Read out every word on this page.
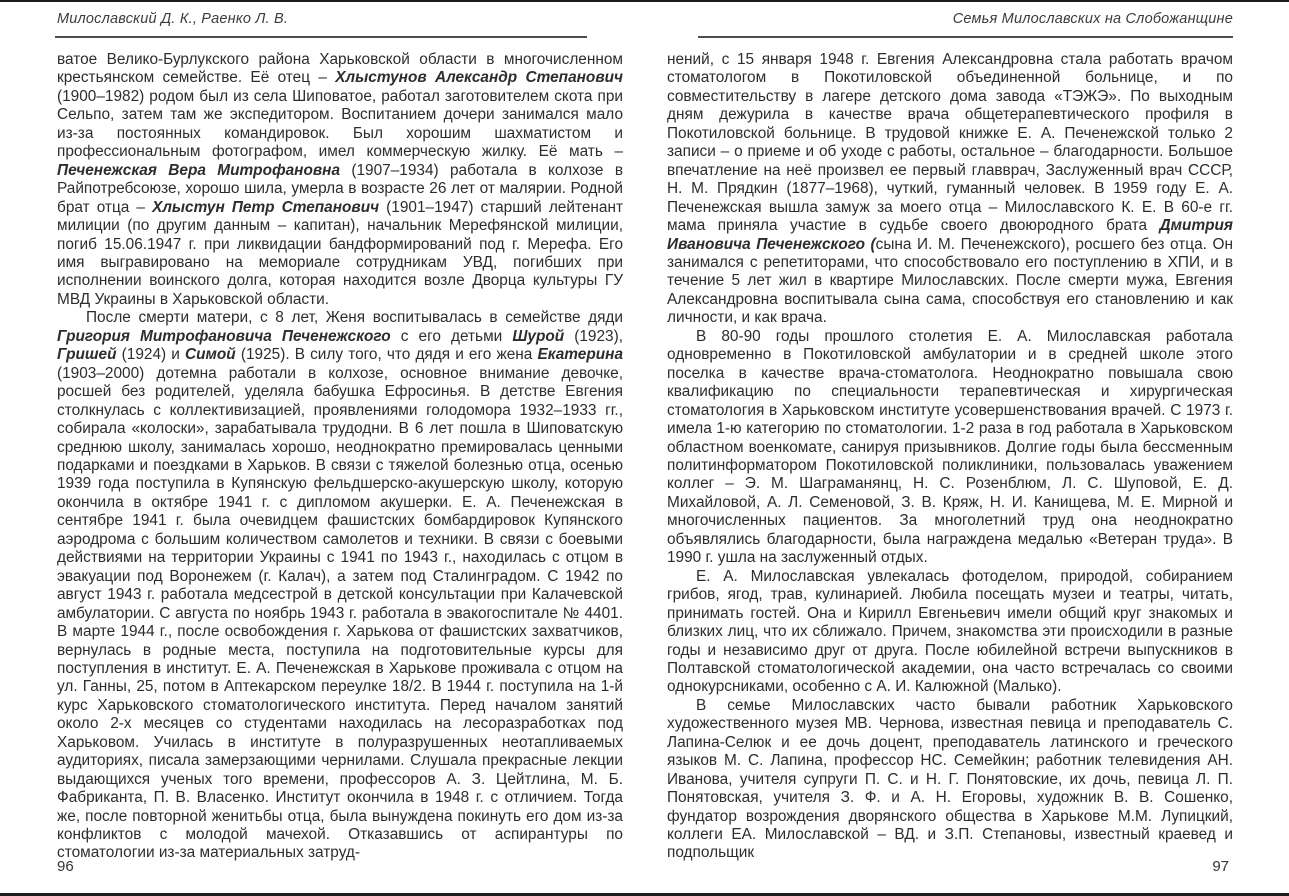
Милославский Д. К., Раенко Л. В.	Семья Милославских на Слобожанщине

ватое Велико-Бурлукского района Харьковской области в многочисленном крестьянском семействе. Её отец – Хлыстунов Александр Степанович (1900–1982) родом был из села Шиповатое, работал заготовителем скота при Сельпо, затем там же экспедитором. Воспитанием дочери занимался мало из-за постоянных командировок. Был хорошим шахматистом и профессиональным фотографом, имел коммерческую жилку. Её мать – Печенежская Вера Митрофановна (1907–1934) работала в колхозе в Райпотребсоюзе, хорошо шила, умерла в возрасте 26 лет от малярии. Родной брат отца – Хлыстун Петр Степанович (1901–1947) старший лейтенант милиции (по другим данным – капитан), начальник Мерефянской милиции, погиб 15.06.1947 г. при ликвидации бандформирований под г. Мерефа. Его имя выгравировано на мемориале сотрудникам УВД, погибших при исполнении воинского долга, которая находится возле Дворца культуры ГУ МВД Украины в Харьковской области.

После смерти матери, с 8 лет, Женя воспитывалась в семействе дяди Григория Митрофановича Печенежского с его детьми Шурой (1923), Гришей (1924) и Симой (1925). В силу того, что дядя и его жена Екатерина (1903–2000) дотемна работали в колхозе, основное внимание девочке, росшей без родителей, уделяла бабушка Ефросинья. В детстве Евгения столкнулась с коллективизацией, проявлениями голодомора 1932–1933 гг., собирала «колоски», зарабатывала трудодни. В 6 лет пошла в Шиповатскую среднюю школу, занималась хорошо, неоднократно премировалась ценными подарками и поездками в Харьков. В связи с тяжелой болезнью отца, осенью 1939 года поступила в Купянскую фельдшерско-акушерскую школу, которую окончила в октябре 1941 г. с дипломом акушерки. Е. А. Печенежская в сентябре 1941 г. была очевидцем фашистских бомбардировок Купянского аэродрома с большим количеством самолетов и техники. В связи с боевыми действиями на территории Украины с 1941 по 1943 г., находилась с отцом в эвакуации под Воронежем (г. Калач), а затем под Сталинградом. С 1942 по август 1943 г. работала медсестрой в детской консультации при Калачевской амбулатории. С августа по ноябрь 1943 г. работала в эвакогоспитале № 4401. В марте 1944 г., после освобождения г. Харькова от фашистских захватчиков, вернулась в родные места, поступила на подготовительные курсы для поступления в институт. Е. А. Печенежская в Харькове проживала с отцом на ул. Ганны, 25, потом в Аптекарском переулке 18/2. В 1944 г. поступила на 1-й курс Харьковского стоматологического института. Перед началом занятий около 2-х месяцев со студентами находилась на лесоразработках под Харьковом. Училась в институте в полуразрушенных неотапливаемых аудиториях, писала замерзающими чернилами. Слушала прекрасные лекции выдающихся ученых того времени, профессоров А. З. Цейтлина, М. Б. Фабриканта, П. В. Власенко. Институт окончила в 1948 г. с отличием. Тогда же, после повторной женитьбы отца, была вынуждена покинуть его дом из-за конфликтов с молодой мачехой. Отказавшись от аспирантуры по стоматологии из-за материальных затруд-

нений, с 15 января 1948 г. Евгения Александровна стала работать врачом стоматологом в Покотиловской объединенной больнице, и по совместительству в лагере детского дома завода «ТЭЖЭ». По выходным дням дежурила в качестве врача общетерапевтического профиля в Покотиловской больнице. В трудовой книжке Е. А. Печенежской только 2 записи – о приеме и об уходе с работы, остальное – благодарности. Большое впечатление на неё произвел ее первый главврач, Заслуженный врач СССР, Н. М. Прядкин (1877–1968), чуткий, гуманный человек. В 1959 году Е. А. Печенежская вышла замуж за моего отца – Милославского К. Е. В 60-е гг. мама приняла участие в судьбе своего двоюродного брата Дмитрия Ивановича Печенежского (сына И. М. Печенежского), росшего без отца. Он занимался с репетиторами, что способствовало его поступлению в ХПИ, и в течение 5 лет жил в квартире Милославских. После смерти мужа, Евгения Александровна воспитывала сына сама, способствуя его становлению и как личности, и как врача.

В 80-90 годы прошлого столетия Е. А. Милославская работала одновременно в Покотиловской амбулатории и в средней школе этого поселка в качестве врача-стоматолога. Неоднократно повышала свою квалификацию по специальности терапевтическая и хирургическая стоматология в Харьковском институте усовершенствования врачей. С 1973 г. имела 1-ю категорию по стоматологии. 1-2 раза в год работала в Харьковском областном военкомате, санируя призывников. Долгие годы была бессменным политинформатором Покотиловской поликлиники, пользовалась уважением коллег – Э. М. Шаграманянц, Н. С. Розенблюм, Л. С. Шуповой, Е. Д. Михайловой, А. Л. Семеновой, З. В. Кряж, Н. И. Канищева, М. Е. Мирной и многочисленных пациентов. За многолетний труд она неоднократно объявлялись благодарности, была награждена медалью «Ветеран труда». В 1990 г. ушла на заслуженный отдых.

Е. А. Милославская увлекалась фотоделом, природой, собиранием грибов, ягод, трав, кулинарией. Любила посещать музеи и театры, читать, принимать гостей. Она и Кирилл Евгеньевич имели общий круг знакомых и близких лиц, что их сближало. Причем, знакомства эти происходили в разные годы и независимо друг от друга. После юбилейной встречи выпускников в Полтавской стоматологической академии, она часто встречалась со своими однокурсниками, особенно с А. И. Калюжной (Малько).

В семье Милославских часто бывали работник Харьковского художественного музея МВ. Чернова, известная певица и преподаватель С. Лапина-Селюк и ее дочь доцент, преподаватель латинского и греческого языков М. С. Лапина, профессор НС. Семейкин; работник телевидения АН. Иванова, учителя супруги П. С. и Н. Г. Понятовские, их дочь, певица Л. П. Понятовская, учителя З. Ф. и А. Н. Егоровы, художник В. В. Сошенко, фундатор возрождения дворянского общества в Харькове М.М. Лупицкий, коллеги ЕА. Милославской – ВД. и З.П. Степановы, известный краевед и подпольщик

96	97
